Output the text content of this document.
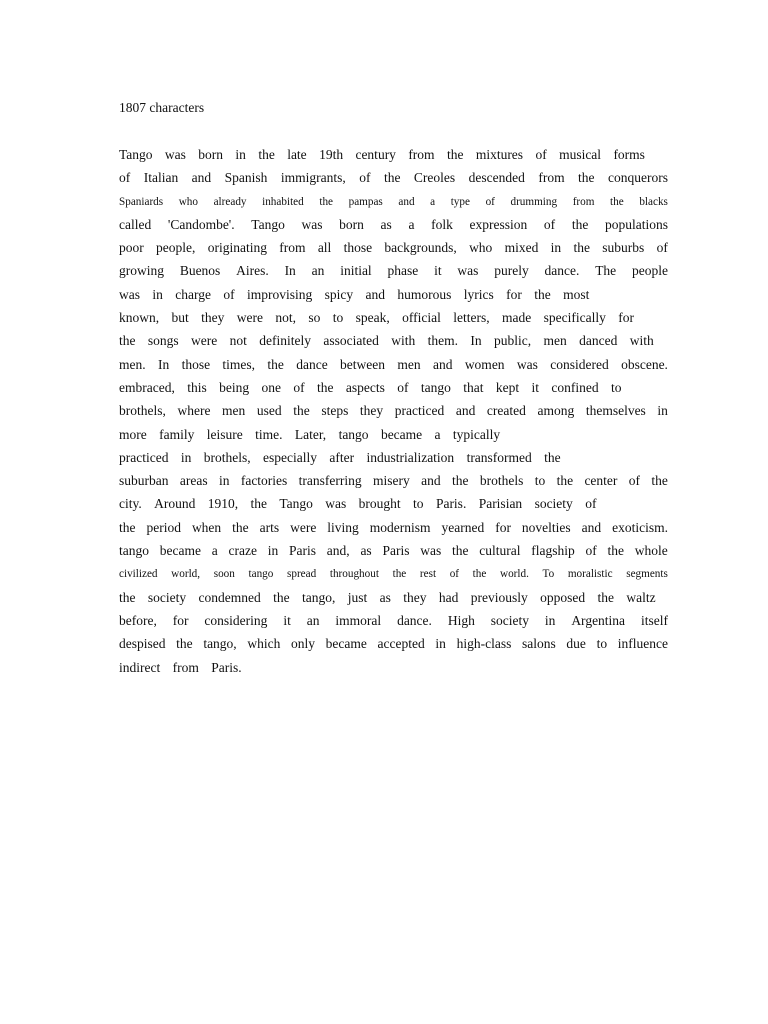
1807 characters
Tango was born in the late 19th century from the mixtures of musical forms
of Italian and Spanish immigrants, of the Creoles descended from the conquerors
Spaniards who already inhabited the pampas and a type of drumming from the blacks
called 'Candombe'. Tango was born as a folk expression of the populations
poor people, originating from all those backgrounds, who mixed in the suburbs of
growing Buenos Aires. In an initial phase it was purely dance. The people
was in charge of improvising spicy and humorous lyrics for the most
known, but they were not, so to speak, official letters, made specifically for
the songs were not definitely associated with them. In public, men danced with
men. In those times, the dance between men and women was considered obscene.
embraced, this being one of the aspects of tango that kept it confined to
brothels, where men used the steps they practiced and created among themselves in
more family leisure time. Later, tango became a typically
practiced in brothels, especially after industrialization transformed the
suburban areas in factories transferring misery and the brothels to the center of the
city. Around 1910, the Tango was brought to Paris. Parisian society of
the period when the arts were living modernism yearned for novelties and exoticism.
tango became a craze in Paris and, as Paris was the cultural flagship of the whole
civilized world, soon tango spread throughout the rest of the world. To moralistic segments
the society condemned the tango, just as they had previously opposed the waltz
before, for considering it an immoral dance. High society in Argentina itself
despised the tango, which only became accepted in high-class salons due to influence
indirect from Paris.
